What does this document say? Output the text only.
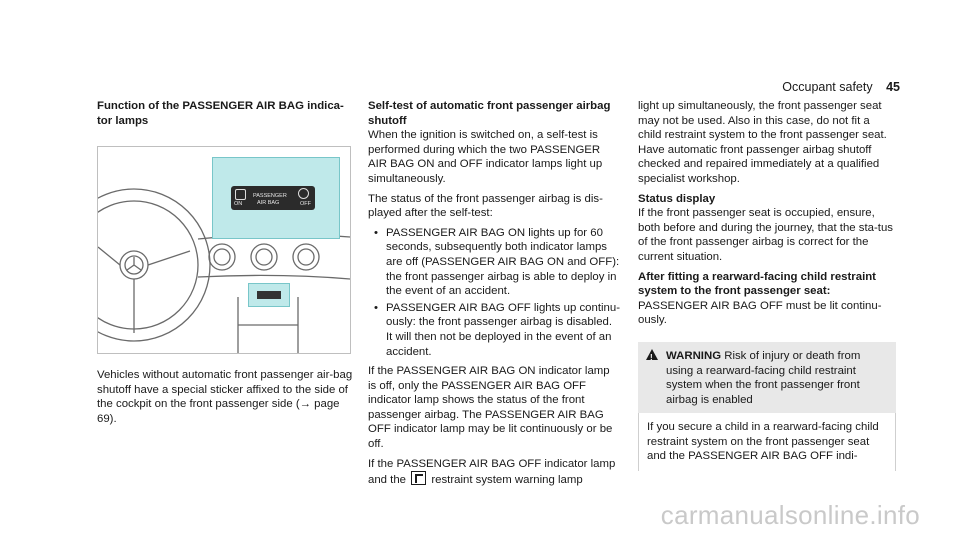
Occupant safety 45

Function of the PASSENGER AIR BAG indica-
tor lamps

ON
PASSENGER
AIR BAG	OFF

Vehicles without automatic front passenger air-bag shutoff have a special sticker affixed to the side of the cockpit on the front passenger side (→ page 69).

Self-test of automatic front passenger airbag shutoff

When the ignition is switched on, a self-test is performed during which the two PASSENGER AIR BAG ON and OFF indicator lamps light up simultaneously.

The status of the front passenger airbag is dis-played after the self-test:

• PASSENGER AIR BAG ON lights up for 60 seconds, subsequently both indicator lamps are off (PASSENGER AIR BAG ON and OFF): the front passenger airbag is able to deploy in the event of an accident.
• PASSENGER AIR BAG OFF lights up continu-ously: the front passenger airbag is disabled. It will then not be deployed in the event of an accident.

If the PASSENGER AIR BAG ON indicator lamp is off, only the PASSENGER AIR BAG OFF indicator lamp shows the status of the front passenger airbag. The PASSENGER AIR BAG OFF indicator lamp may be lit continuously or be off.

If the PASSENGER AIR BAG OFF indicator lamp and the restraint system warning lamp

light up simultaneously, the front passenger seat may not be used. Also in this case, do not fit a child restraint system to the front passenger seat. Have automatic front passenger airbag shutoff checked and repaired immediately at a qualified specialist workshop.

Status display

If the front passenger seat is occupied, ensure, both before and during the journey, that the sta-tus of the front passenger airbag is correct for the current situation.

After fitting a rearward-facing child restraint system to the front passenger seat:

PASSENGER AIR BAG OFF must be lit continu-ously.

!
WARNING Risk of injury or death from using a rearward-facing child restraint system when the front passenger front airbag is enabled
If you secure a child in a rearward-facing child restraint system on the front passenger seat and the PASSENGER AIR BAG OFF indi-
carmanualsonline.info
